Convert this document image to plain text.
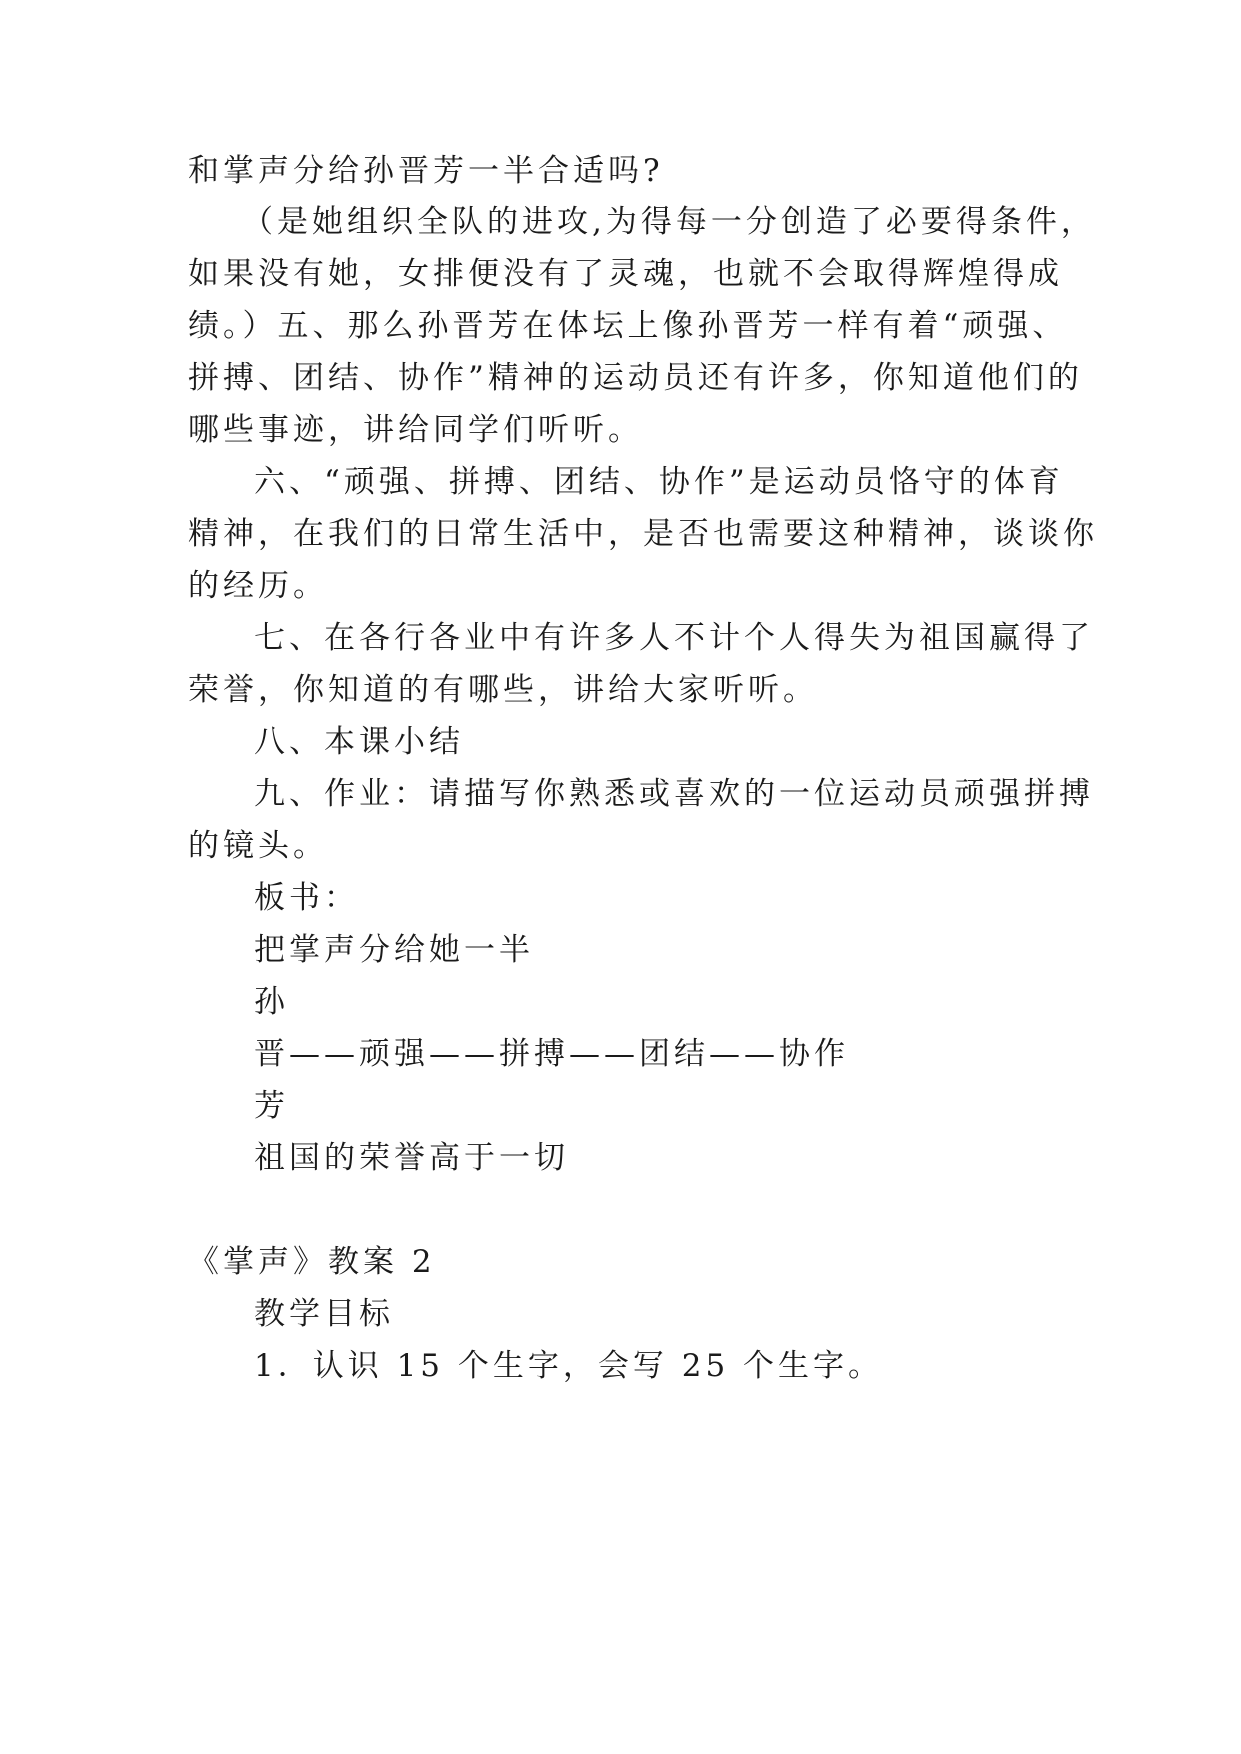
和掌声分给孙晋芳一半合适吗?
（是她组织全队的进攻,为得每一分创造了必要得条件，
如果没有她，女排便没有了灵魂，也就不会取得辉煌得成
绩。）五、那么孙晋芳在体坛上像孙晋芳一样有着“顽强、
拼搏、团结、协作”精神的运动员还有许多，你知道他们的
哪些事迹，讲给同学们听听。
六、“顽强、拼搏、团结、协作”是运动员恪守的体育
精神，在我们的日常生活中，是否也需要这种精神，谈谈你
的经历。
七、在各行各业中有许多人不计个人得失为祖国赢得了
荣誉，你知道的有哪些，讲给大家听听。
八、本课小结
九、作业：请描写你熟悉或喜欢的一位运动员顽强拼搏
的镜头。
板书：
把掌声分给她一半
孙
晋——顽强——拼搏——团结——协作
芳
祖国的荣誉高于一切
《掌声》教案 2
教学目标
1．认识 15 个生字，会写 25 个生字。
